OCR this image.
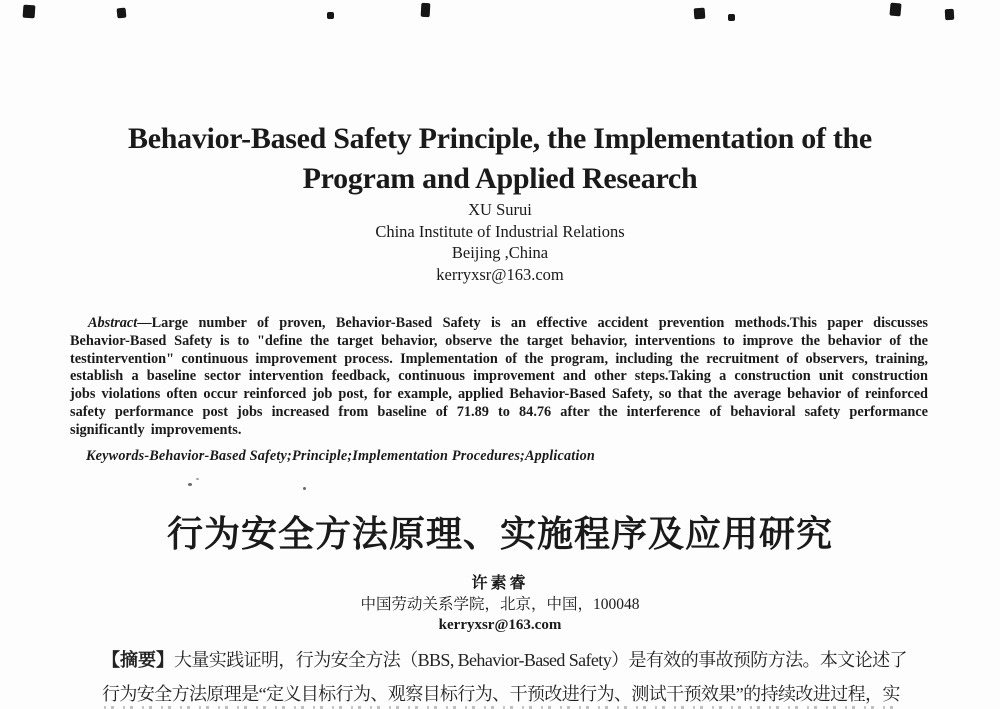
Behavior-Based Safety Principle, the Implementation of the
Program and Applied Research
XU Surui
China Institute of Industrial Relations
Beijing ,China
kerryxsr@163.com

Abstract—Large number of proven, Behavior-Based Safety is an effective accident prevention methods.This paper discusses Behavior-Based Safety is to "define the target behavior, observe the target behavior, interventions to improve the behavior of the testintervention" continuous improvement process. Implementation of the program, including the recruitment of observers, training, establish a baseline sector intervention feedback, continuous improvement and other steps.Taking a construction unit construction jobs violations often occur reinforced job post, for example, applied Behavior-Based Safety, so that the average behavior of reinforced safety performance post jobs increased from baseline of 71.89 to 84.76 after the interference of behavioral safety performance significantly improvements.

Keywords-Behavior-Based Safety;Principle;Implementation Procedures;Application

行为安全方法原理、实施程序及应用研究
许素睿
中国劳动关系学院，北京，中国，100048
kerryxsr@163.com
【摘要】大量实践证明，行为安全方法（BBS, Behavior-Based Safety）是有效的事故预防方法。本文论述了
行为安全方法原理是“定义目标行为、观察目标行为、干预改进行为、测试干预效果”的持续改进过程，实
